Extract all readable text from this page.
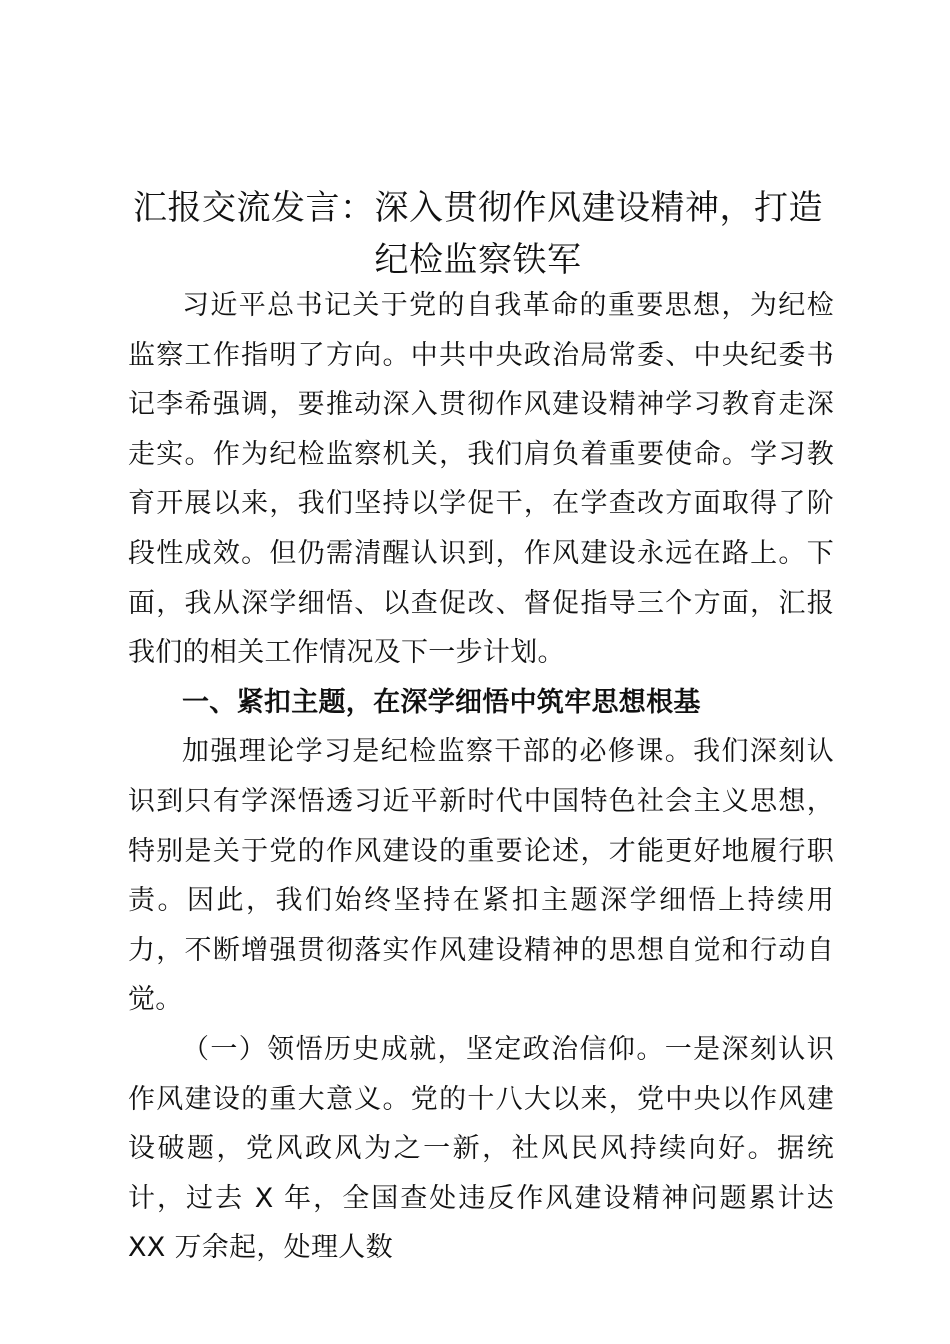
汇报交流发言：深入贯彻作风建设精神，打造纪检监察铁军

习近平总书记关于党的自我革命的重要思想，为纪检监察工作指明了方向。中共中央政治局常委、中央纪委书记李希强调，要推动深入贯彻作风建设精神学习教育走深走实。作为纪检监察机关，我们肩负着重要使命。学习教育开展以来，我们坚持以学促干，在学查改方面取得了阶段性成效。但仍需清醒认识到，作风建设永远在路上。下面，我从深学细悟、以查促改、督促指导三个方面，汇报我们的相关工作情况及下一步计划。

一、紧扣主题，在深学细悟中筑牢思想根基

加强理论学习是纪检监察干部的必修课。我们深刻认识到只有学深悟透习近平新时代中国特色社会主义思想，特别是关于党的作风建设的重要论述，才能更好地履行职责。因此，我们始终坚持在紧扣主题深学细悟上持续用力，不断增强贯彻落实作风建设精神的思想自觉和行动自觉。

（一）领悟历史成就，坚定政治信仰。一是深刻认识作风建设的重大意义。党的十八大以来，党中央以作风建设破题，党风政风为之一新，社风民风持续向好。据统计，过去 X 年，全国查处违反作风建设精神问题累计达 XX 万余起，处理人数
